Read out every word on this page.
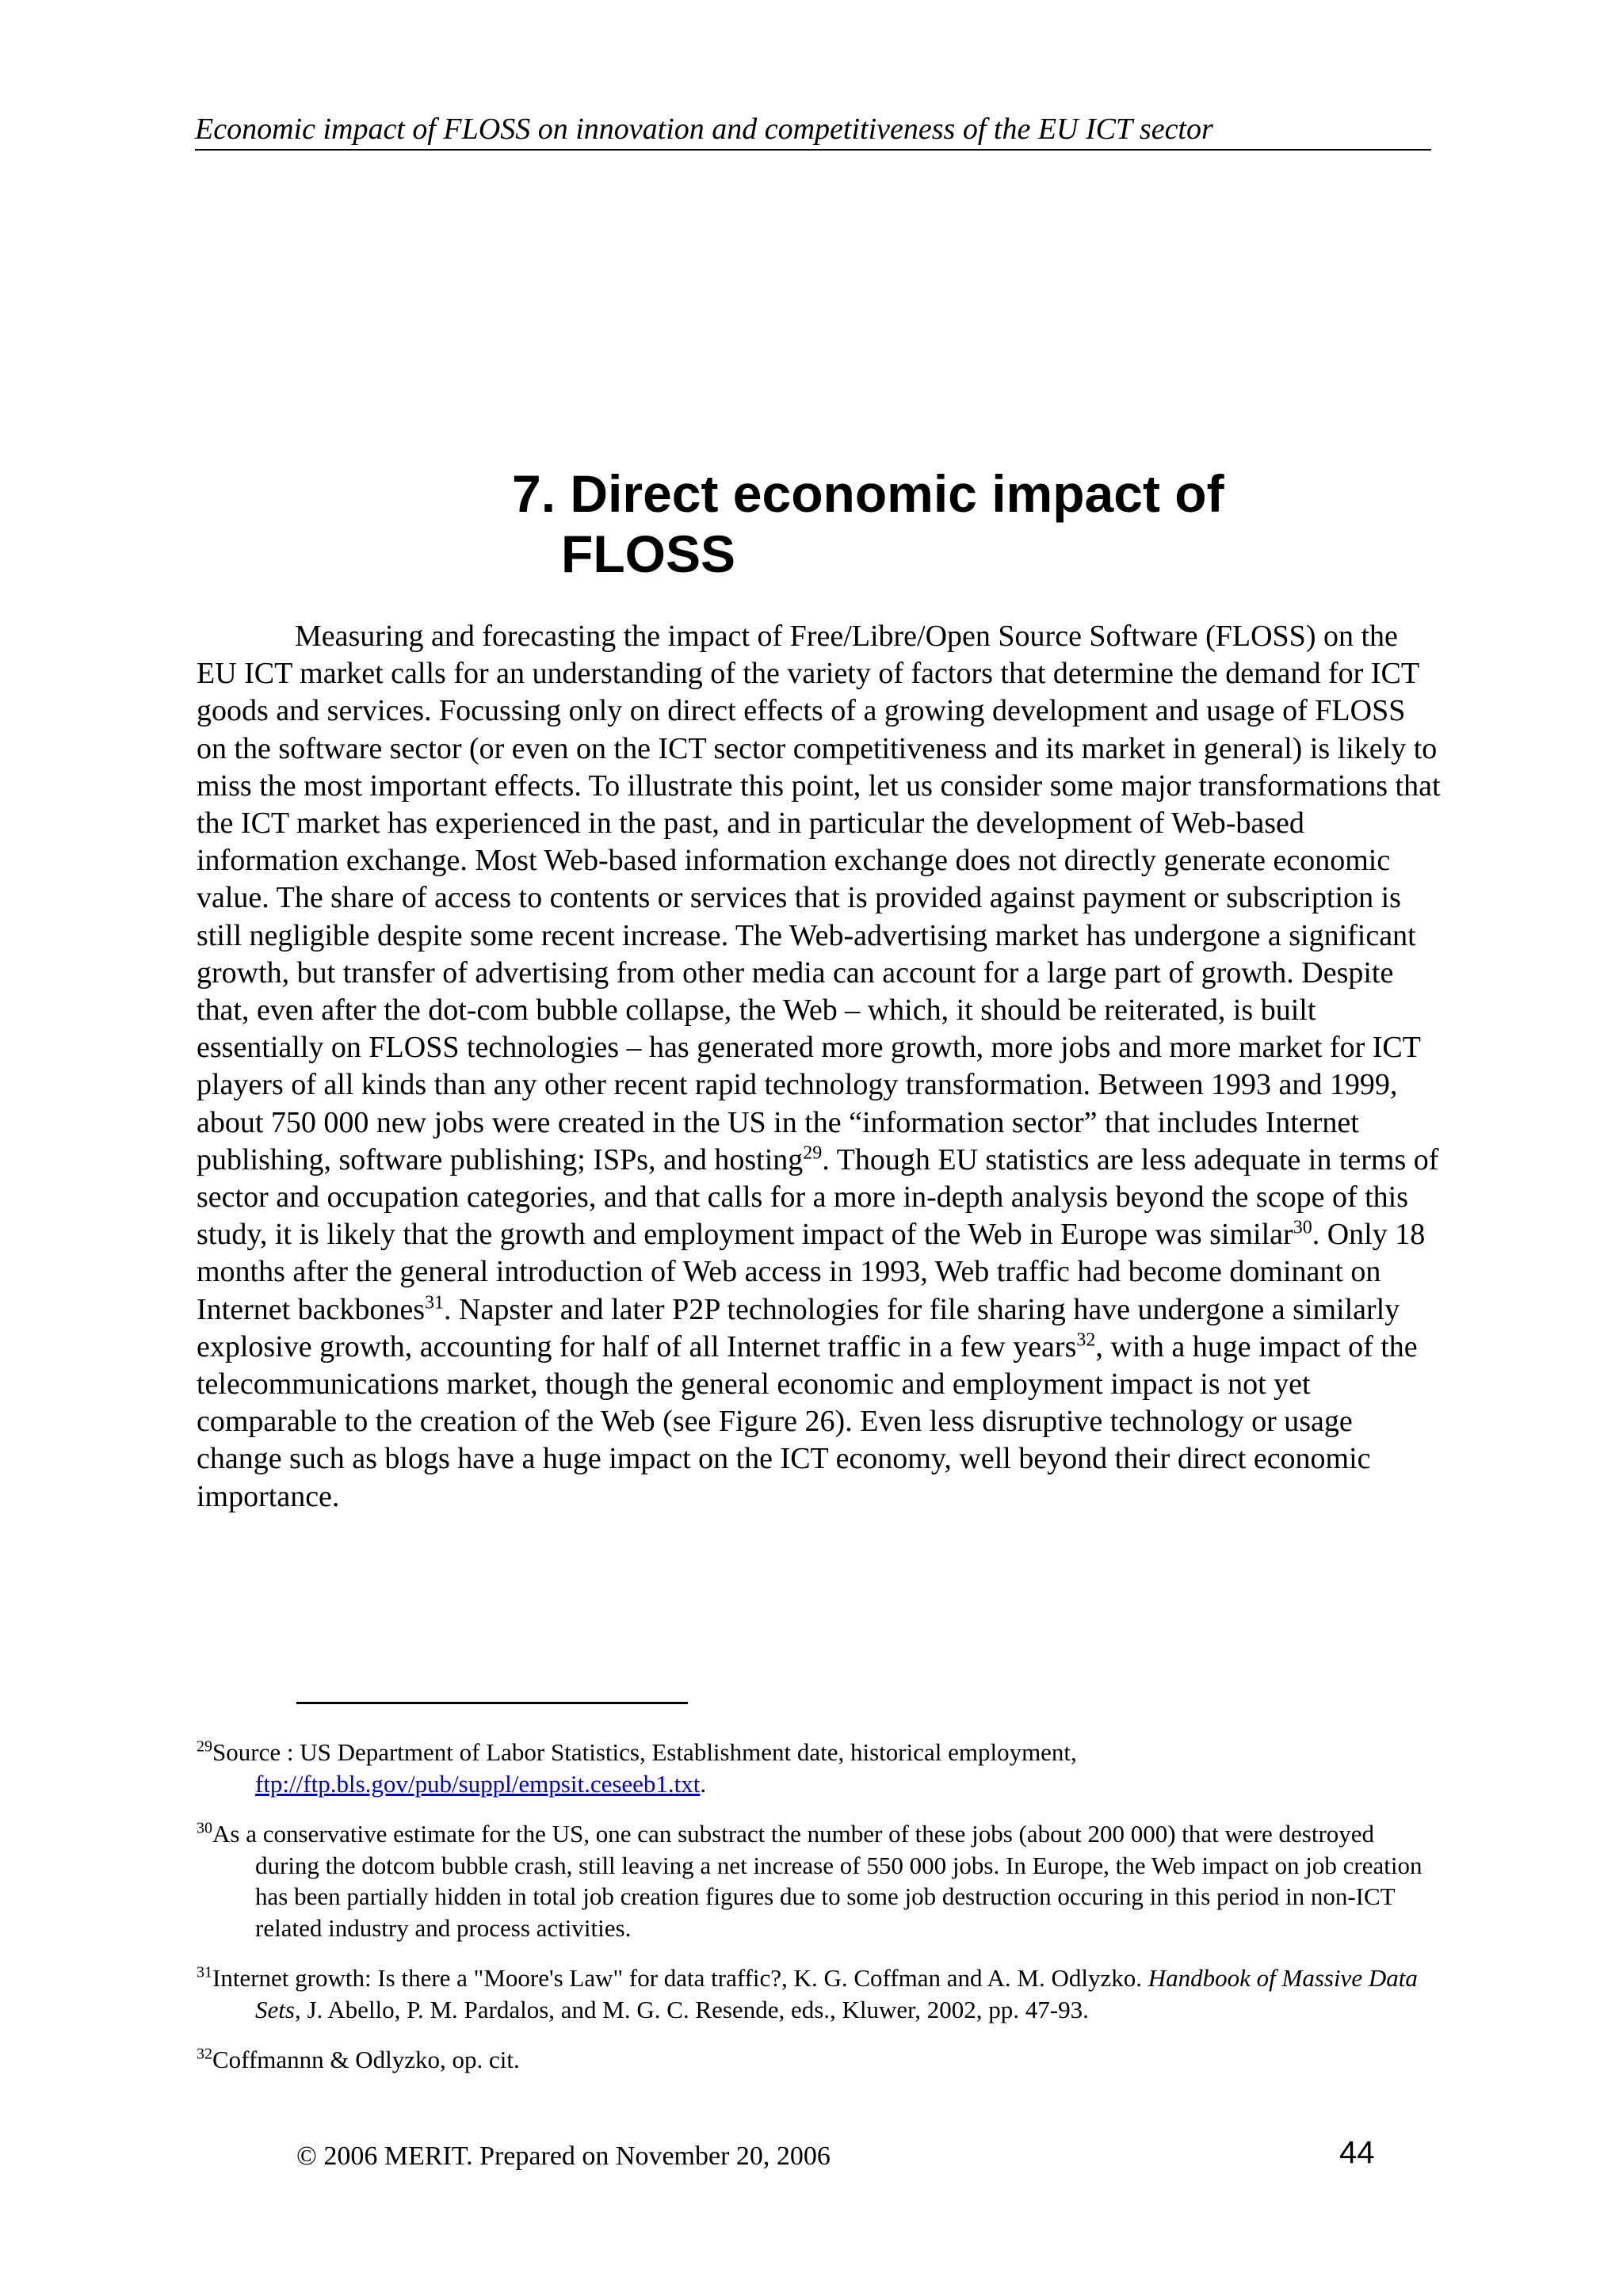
Economic impact of FLOSS on innovation and competitiveness of the EU ICT sector
7. Direct economic impact of
FLOSS

Measuring and forecasting the impact of Free/Libre/Open Source Software (FLOSS) on the EU ICT market calls for an understanding of the variety of factors that determine the demand for ICT goods and services. Focussing only on direct effects of a growing development and usage of FLOSS on the software sector (or even on the ICT sector competitiveness and its market in general) is likely to miss the most important effects. To illustrate this point, let us consider some major transformations that the ICT market has experienced in the past, and in particular the development of Web-based information exchange. Most Web-based information exchange does not directly generate economic value. The share of access to contents or services that is provided against payment or subscription is still negligible despite some recent increase. The Web-advertising market has undergone a significant growth, but transfer of advertising from other media can account for a large part of growth. Despite that, even after the dot-com bubble collapse, the Web – which, it should be reiterated, is built essentially on FLOSS technologies – has generated more growth, more jobs and more market for ICT players of all kinds than any other recent rapid technology transformation. Between 1993 and 1999, about 750 000 new jobs were created in the US in the “information sector” that includes Internet publishing, software publishing; ISPs, and hosting$^{29}$. Though EU statistics are less adequate in terms of sector and occupation categories, and that calls for a more in-depth analysis beyond the scope of this study, it is likely that the growth and employment impact of the Web in Europe was similar$^{30}$. Only 18 months after the general introduction of Web access in 1993, Web traffic had become dominant on Internet backbones$^{31}$. Napster and later P2P technologies for file sharing have undergone a similarly explosive growth, accounting for half of all Internet traffic in a few years$^{32}$, with a huge impact of the telecommunications market, though the general economic and employment impact is not yet comparable to the creation of the Web (see Figure 26). Even less disruptive technology or usage change such as blogs have a huge impact on the ICT economy, well beyond their direct economic importance.

$^{29}$Source : US Department of Labor Statistics, Establishment date, historical employment, ftp://ftp.bls.gov/pub/suppl/empsit.ceseeb1.txt.

$^{30}$As a conservative estimate for the US, one can substract the number of these jobs (about 200 000) that were destroyed during the dotcom bubble crash, still leaving a net increase of 550 000 jobs. In Europe, the Web impact on job creation has been partially hidden in total job creation figures due to some job destruction occuring in this period in non-ICT related industry and process activities.

$^{31}$Internet growth: Is there a "Moore's Law" for data traffic?, K. G. Coffman and A. M. Odlyzko. Handbook of Massive Data Sets, J. Abello, P. M. Pardalos, and M. G. C. Resende, eds., Kluwer, 2002, pp. 47-93.

$^{32}$Coffmannn & Odlyzko, op. cit.

© 2006 MERIT. Prepared on November 20, 2006	44
